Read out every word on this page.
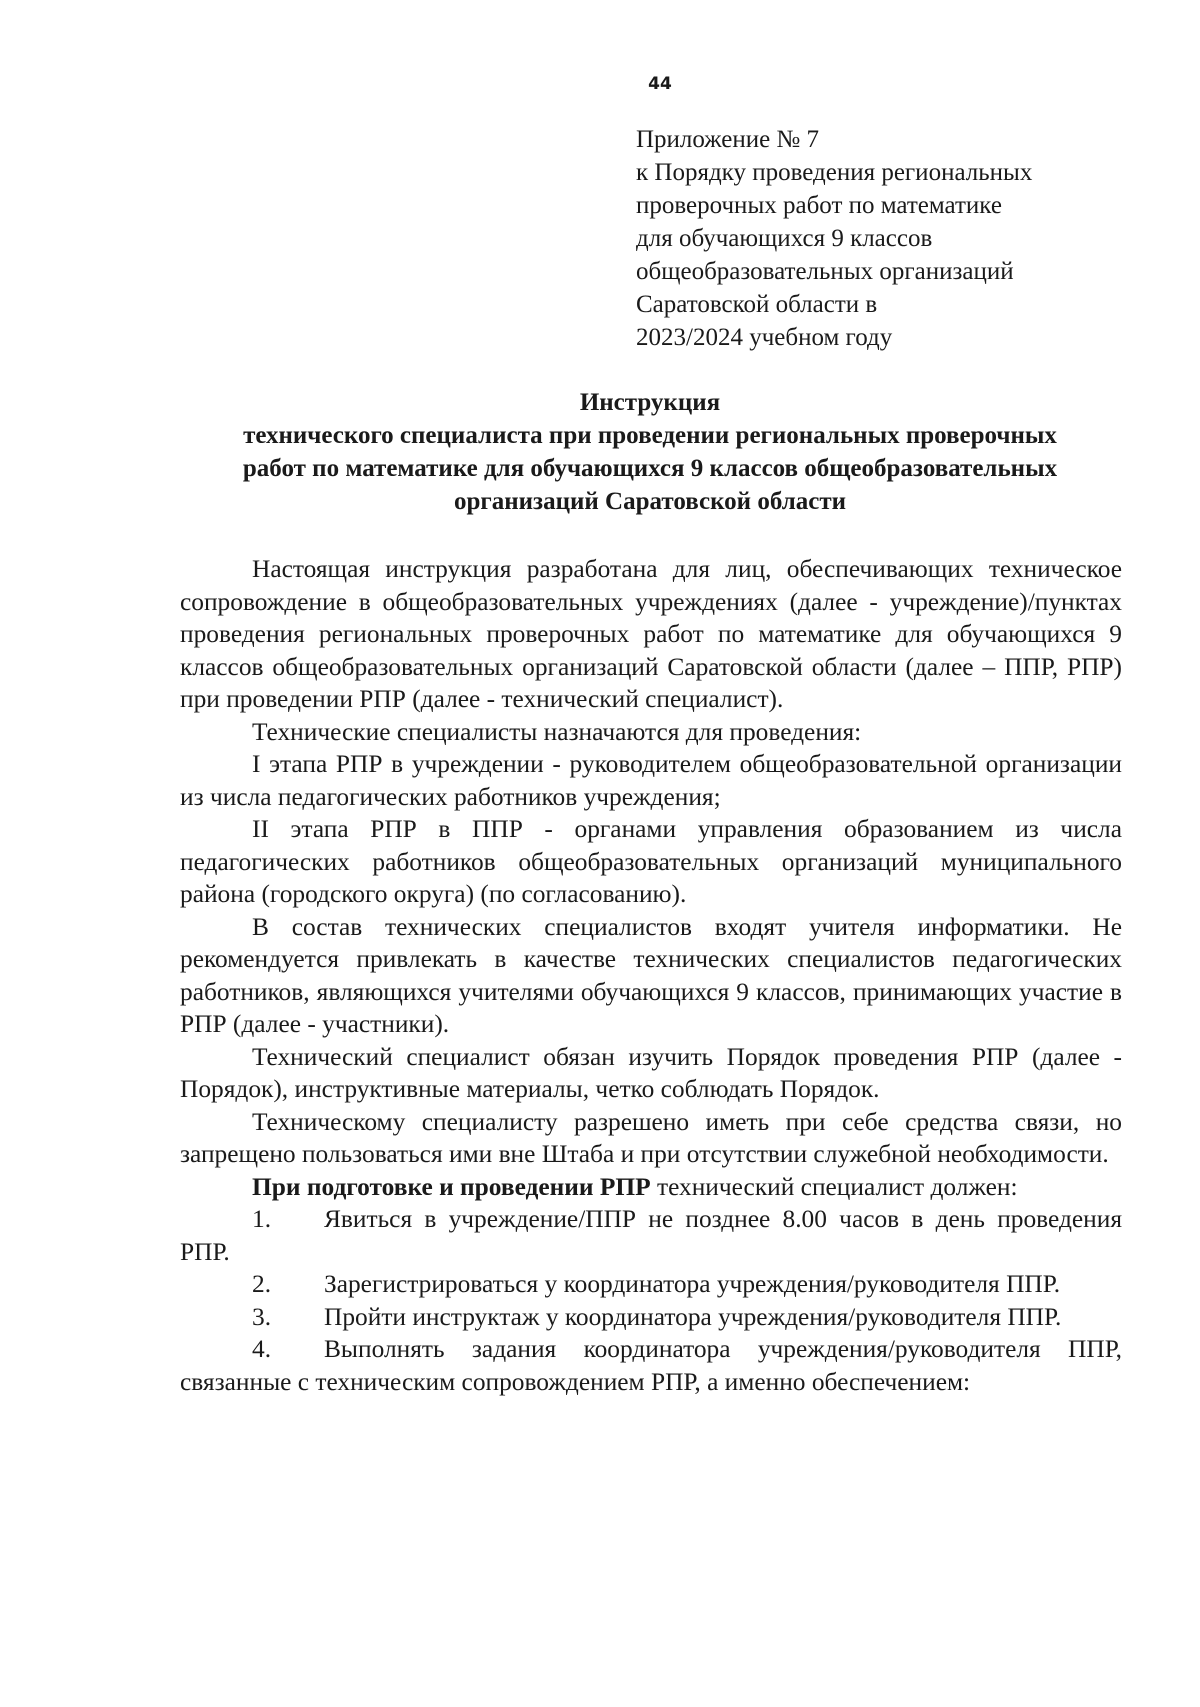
44
Приложение № 7
к Порядку проведения региональных
проверочных работ по математике
для обучающихся 9 классов
общеобразовательных организаций
Саратовской области в
2023/2024 учебном году
Инструкция
технического специалиста при проведении региональных проверочных
работ по математике для обучающихся 9 классов общеобразовательных
организаций Саратовской области

Настоящая инструкция разработана для лиц, обеспечивающих техническое сопровождение в общеобразовательных учреждениях (далее - учреждение)/пунктах проведения региональных проверочных работ по математике для обучающихся 9 классов общеобразовательных организаций Саратовской области (далее – ППР, РПР) при проведении РПР (далее - технический специалист).

Технические специалисты назначаются для проведения:

I этапа РПР в учреждении - руководителем общеобразовательной организации из числа педагогических работников учреждения;

II этапа РПР в ППР - органами управления образованием из числа педагогических работников общеобразовательных организаций муниципального района (городского округа) (по согласованию).

В состав технических специалистов входят учителя информатики. Не рекомендуется привлекать в качестве технических специалистов педагогических работников, являющихся учителями обучающихся 9 классов, принимающих участие в РПР (далее - участники).

Технический специалист обязан изучить Порядок проведения РПР (далее - Порядок), инструктивные материалы, четко соблюдать Порядок.

Техническому специалисту разрешено иметь при себе средства связи, но запрещено пользоваться ими вне Штаба и при отсутствии служебной необходимости.

При подготовке и проведении РПР технический специалист должен:

1. Явиться в учреждение/ППР не позднее 8.00 часов в день проведения РПР.

2. Зарегистрироваться у координатора учреждения/руководителя ППР.

3. Пройти инструктаж у координатора учреждения/руководителя ППР.

4. Выполнять задания координатора учреждения/руководителя ППР, связанные с техническим сопровождением РПР, а именно обеспечением:
